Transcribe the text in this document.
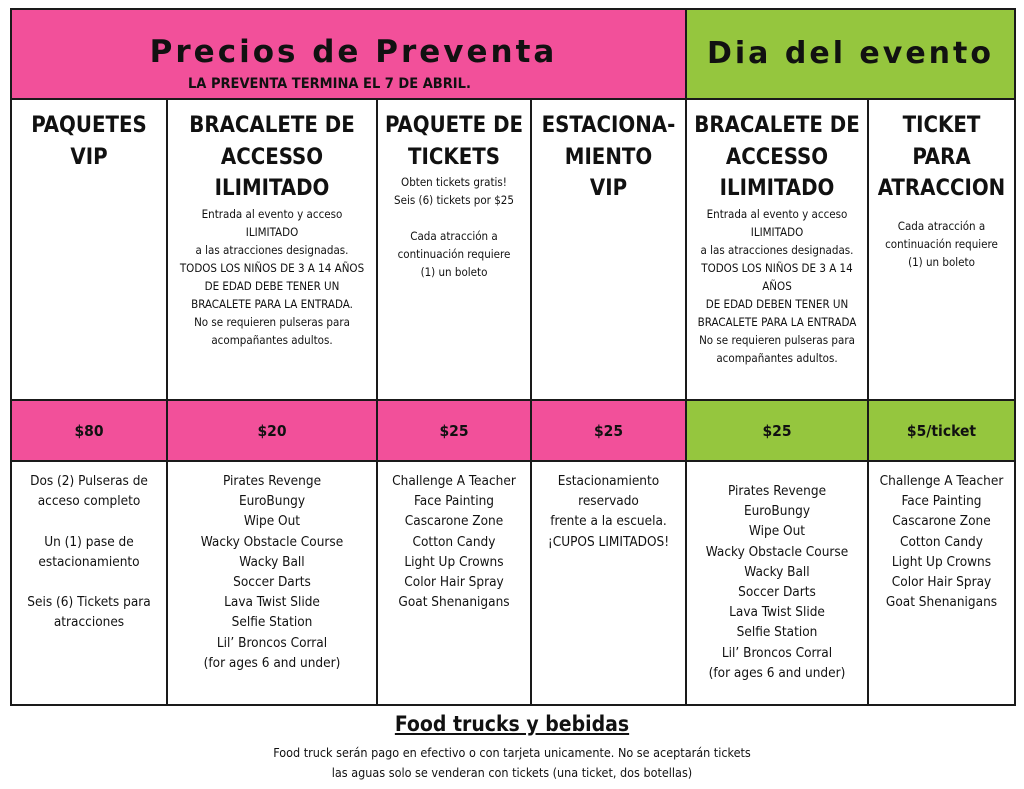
Precios de Preventa
LA PREVENTA TERMINA EL 7 DE ABRIL.
Dia del evento
PAQUETES
VIP
$80
Dos (2) Pulseras de
acceso completo
Un (1) pase de
estacionamiento
Seis (6) Tickets para
atracciones
BRACALETE DE
ACCESSO
ILIMITADO
Entrada al evento y acceso ILIMITADO
a las atracciones designadas.
TODOS LOS NIÑOS DE 3 A 14 AÑOS
DE EDAD DEBE TENER UN
BRACALETE PARA LA ENTRADA.
No se requieren pulseras para
acompañantes adultos.
$20
Pirates Revenge
EuroBungy
Wipe Out
Wacky Obstacle Course
Wacky Ball
Soccer Darts
Lava Twist Slide
Selfie Station
Lil’ Broncos Corral
(for ages 6 and under)
PAQUETE DE
TICKETS
Obten tickets gratis!
Seis (6) tickets por $25
Cada atracción a
continuación requiere
(1) un boleto
$25
Challenge A Teacher
Face Painting
Cascarone Zone
Cotton Candy
Light Up Crowns
Color Hair Spray
Goat Shenanigans
ESTACIONA-
MIENTO
VIP
$25
Estacionamiento
reservado
frente a la escuela.
¡CUPOS LIMITADOS!
BRACALETE DE
ACCESSO
ILIMITADO
Entrada al evento y acceso
ILIMITADO
a las atracciones designadas.
TODOS LOS NIÑOS DE 3 A 14
AÑOS
DE EDAD DEBEN TENER UN
BRACALETE PARA LA ENTRADA
No se requieren pulseras para
acompañantes adultos.
$25
Pirates Revenge
EuroBungy
Wipe Out
Wacky Obstacle Course
Wacky Ball
Soccer Darts
Lava Twist Slide
Selfie Station
Lil’ Broncos Corral
(for ages 6 and under)
TICKET
PARA
ATRACCION
Cada atracción a
continuación requiere
(1) un boleto
$5/ticket
Challenge A Teacher
Face Painting
Cascarone Zone
Cotton Candy
Light Up Crowns
Color Hair Spray
Goat Shenanigans
Food trucks y bebidas
Food truck serán pago en efectivo o con tarjeta unicamente. No se aceptarán tickets
las aguas solo se venderan con tickets (una ticket, dos botellas)
